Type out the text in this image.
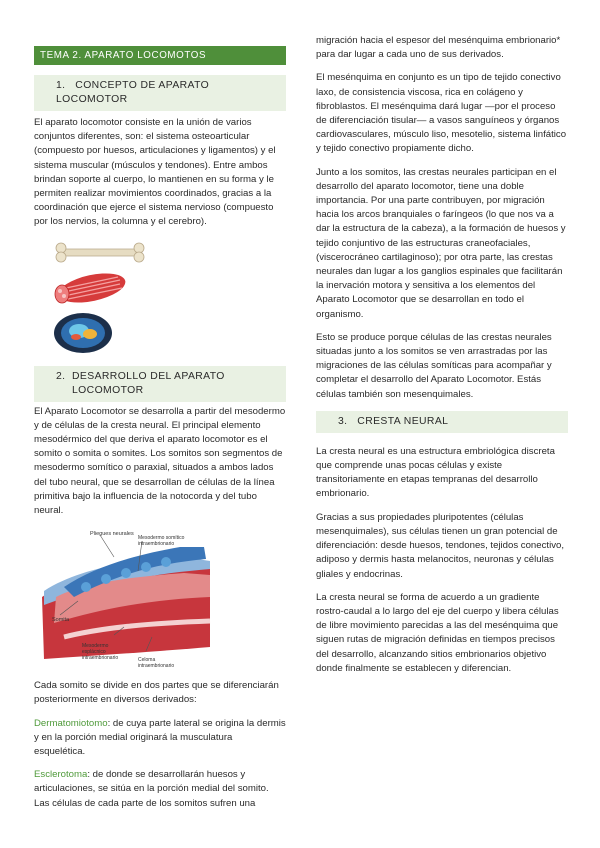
TEMA 2. APARATO LOCOMOTOS
1. CONCEPTO DE APARATO LOCOMOTOR

El aparato locomotor consiste en la unión de varios conjuntos diferentes, son: el sistema osteoarticular (compuesto por huesos, articulaciones y ligamentos) y el sistema muscular (músculos y tendones). Entre ambos brindan soporte al cuerpo, lo mantienen en su forma y le permiten realizar movimientos coordinados, gracias a la coordinación que ejerce el sistema nervioso (compuesto por los nervios, la columna y el cerebro).

2. DESARROLLO DEL APARATO
LOCOMOTOR

El Aparato Locomotor se desarrolla a partir del mesodermo y de células de la cresta neural. El principal elemento mesodérmico del que deriva el aparato locomotor es el somito o somita o somites. Los somitos son segmentos de mesodermo somítico o paraxial, situados a ambos lados del tubo neural, que se desarrollan de células de la línea primitiva bajo la influencia de la notocorda y del tubo neural.

Pliegues neurales
Mesodermo somítico intraembrionario
Somita
Mesodermo esplácnico intraembrionario	Celoma intraembrionario

Cada somito se divide en dos partes que se diferenciarán posteriormente en diversos derivados:

Dermatomiotomo: de cuya parte lateral se origina la dermis y en la porción medial originará la musculatura esquelética.

Esclerotoma: de donde se desarrollarán huesos y articulaciones, se sitúa en la porción medial del somito. Las células de cada parte de los somitos sufren una

migración hacia el espesor del mesénquima embrionario* para dar lugar a cada uno de sus derivados.

El mesénquima en conjunto es un tipo de tejido conectivo laxo, de consistencia viscosa, rica en colágeno y fibroblastos. El mesénquima dará lugar —por el proceso de diferenciación tisular— a vasos sanguíneos y órganos cardiovasculares, músculo liso, mesotelio, sistema linfático y tejido conectivo propiamente dicho.

Junto a los somitos, las crestas neurales participan en el desarrollo del aparato locomotor, tiene una doble importancia. Por una parte contribuyen, por migración hacia los arcos branquiales o faríngeos (lo que nos va a dar la estructura de la cabeza), a la formación de huesos y tejido conjuntivo de las estructuras craneofaciales, (viscerocráneo cartilaginoso); por otra parte, las crestas neurales dan lugar a los ganglios espinales que facilitarán la inervación motora y sensitiva a los elementos del Aparato Locomotor que se desarrollan en todo el organismo.

Esto se produce porque células de las crestas neurales situadas junto a los somitos se ven arrastradas por las migraciones de las células somíticas para acompañar y completar el desarrollo del Aparato Locomotor. Estás células también son mesenquimales.

3. CRESTA NEURAL

La cresta neural es una estructura embriológica discreta que comprende unas pocas células y existe transitoriamente en etapas tempranas del desarrollo embrionario.

Gracias a sus propiedades pluripotentes (células mesenquimales), sus células tienen un gran potencial de diferenciación: desde huesos, tendones, tejidos conectivo, adiposo y dermis hasta melanocitos, neuronas y células gliales y endocrinas.

La cresta neural se forma de acuerdo a un gradiente rostro-caudal a lo largo del eje del cuerpo y libera células de libre movimiento parecidas a las del mesénquima que siguen rutas de migración definidas en tiempos precisos del desarrollo, alcanzando sitios embrionarios objetivo donde finalmente se establecen y diferencian.
